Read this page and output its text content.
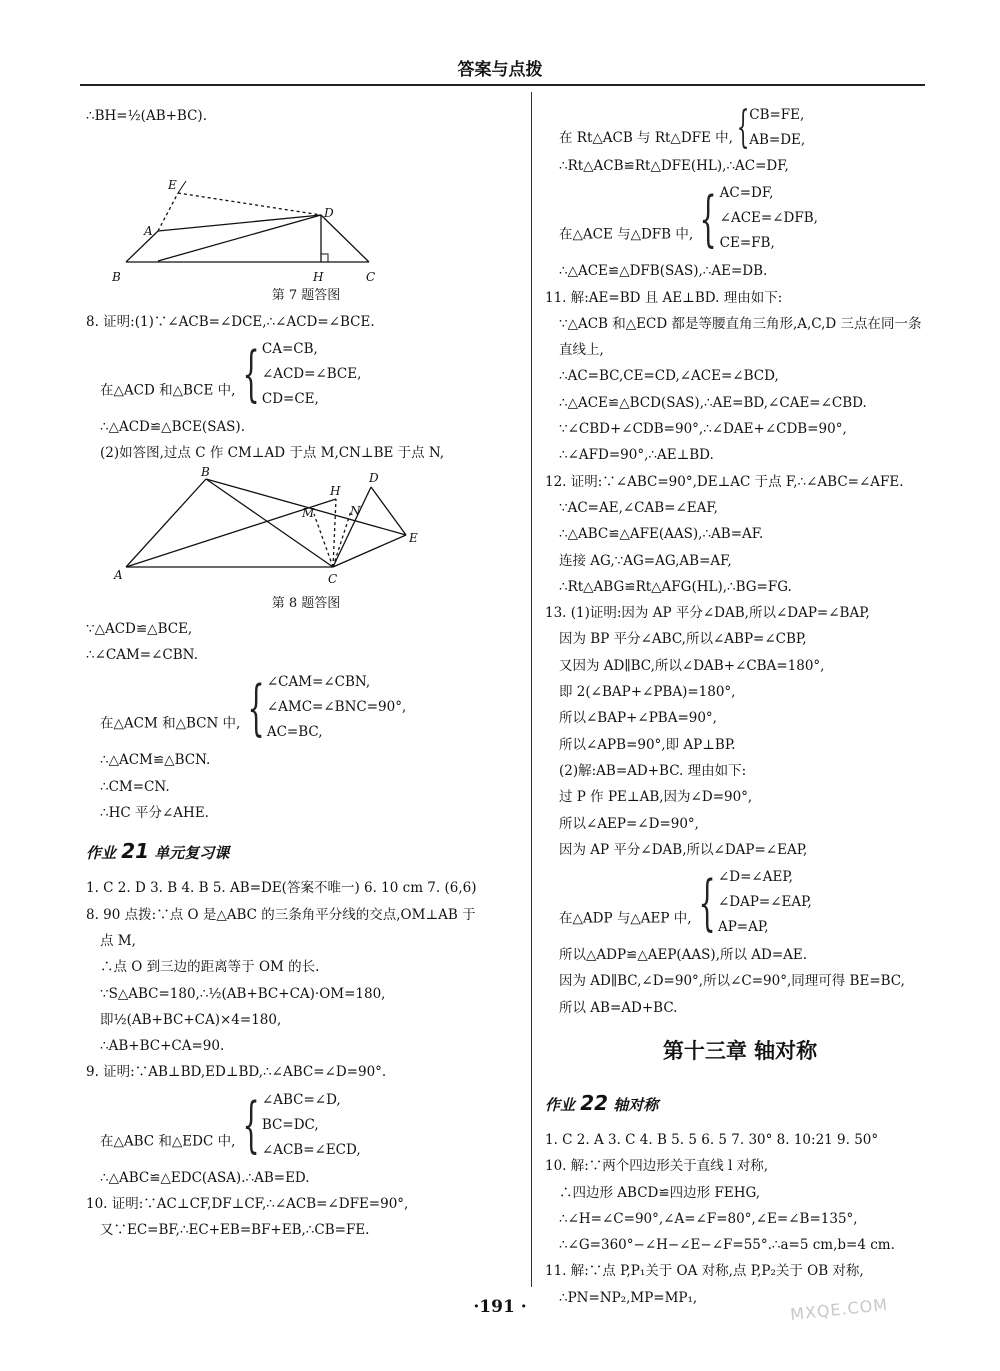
答案与点拨
∴BH=½(AB+BC).
E
D
A
B	H	C
第 7 题答图
8. 证明:(1)∵∠ACB=∠DCE,∴∠ACD=∠BCE.
在△ACD 和△BCE 中, { CA=CB,
∠ACD=∠BCE,
CD=CE,
∴△ACD≌△BCE(SAS).
(2)如答图,过点 C 作 CM⊥AD 于点 M,CN⊥BE 于点 N,
B
H
D
M	N
E
A	C
第 8 题答图
∵△ACD≌△BCE,
∴∠CAM=∠CBN.
在△ACM 和△BCN 中, { ∠CAM=∠CBN,
∠AMC=∠BNC=90°,
AC=BC,
∴△ACM≌△BCN.
∴CM=CN.
∴HC 平分∠AHE.
作业 21 单元复习课
1. C 2. D 3. B 4. B 5. AB=DE(答案不唯一) 6. 10 cm 7. (6,6)
8. 90 点拨:∵点 O 是△ABC 的三条角平分线的交点,OM⊥AB 于
点 M,
∴点 O 到三边的距离等于 OM 的长.
∵S△ABC=180,∴½(AB+BC+CA)·OM=180,
即½(AB+BC+CA)×4=180,
∴AB+BC+CA=90.
9. 证明:∵AB⊥BD,ED⊥BD,∴∠ABC=∠D=90°.
在△ABC 和△EDC 中, { ∠ABC=∠D,
BC=DC,
∠ACB=∠ECD,
∴△ABC≌△EDC(ASA).∴AB=ED.
10. 证明:∵AC⊥CF,DF⊥CF,∴∠ACB=∠DFE=90°,
又∵EC=BF,∴EC+EB=BF+EB,∴CB=FE.
在 Rt△ACB 与 Rt△DFE 中, { CB=FE,
AB=DE,
∴Rt△ACB≌Rt△DFE(HL),∴AC=DF,
在△ACE 与△DFB 中, { AC=DF,
∠ACE=∠DFB,
CE=FB,
∴△ACE≌△DFB(SAS),∴AE=DB.
11. 解:AE=BD 且 AE⊥BD. 理由如下:
∵△ACB 和△ECD 都是等腰直角三角形,A,C,D 三点在同一条
直线上,
∴AC=BC,CE=CD,∠ACE=∠BCD,
∴△ACE≌△BCD(SAS),∴AE=BD,∠CAE=∠CBD.
∵∠CBD+∠CDB=90°,∴∠DAE+∠CDB=90°,
∴∠AFD=90°,∴AE⊥BD.
12. 证明:∵∠ABC=90°,DE⊥AC 于点 F,∴∠ABC=∠AFE.
∵AC=AE,∠CAB=∠EAF,
∴△ABC≌△AFE(AAS),∴AB=AF.
连接 AG,∵AG=AG,AB=AF,
∴Rt△ABG≌Rt△AFG(HL),∴BG=FG.
13. (1)证明:因为 AP 平分∠DAB,所以∠DAP=∠BAP,
因为 BP 平分∠ABC,所以∠ABP=∠CBP,
又因为 AD∥BC,所以∠DAB+∠CBA=180°,
即 2(∠BAP+∠PBA)=180°,
所以∠BAP+∠PBA=90°,
所以∠APB=90°,即 AP⊥BP.
(2)解:AB=AD+BC. 理由如下:
过 P 作 PE⊥AB,因为∠D=90°,
所以∠AEP=∠D=90°,
因为 AP 平分∠DAB,所以∠DAP=∠EAP,
在△ADP 与△AEP 中, { ∠D=∠AEP,
∠DAP=∠EAP,
AP=AP,
所以△ADP≌△AEP(AAS),所以 AD=AE.
因为 AD∥BC,∠D=90°,所以∠C=90°,同理可得 BE=BC,
所以 AB=AD+BC.
第十三章 轴对称
作业 22 轴对称
1. C 2. A 3. C 4. B 5. 5 6. 5 7. 30° 8. 10:21 9. 50°
10. 解:∵两个四边形关于直线 l 对称,
∴四边形 ABCD≌四边形 FEHG,
∴∠H=∠C=90°,∠A=∠F=80°,∠E=∠B=135°,
∴∠G=360°−∠H−∠E−∠F=55°.∴a=5 cm,b=4 cm.
11. 解:∵点 P,P₁关于 OA 对称,点 P,P₂关于 OB 对称,
∴PN=NP₂,MP=MP₁,
·191 ·	MXQE.COM
